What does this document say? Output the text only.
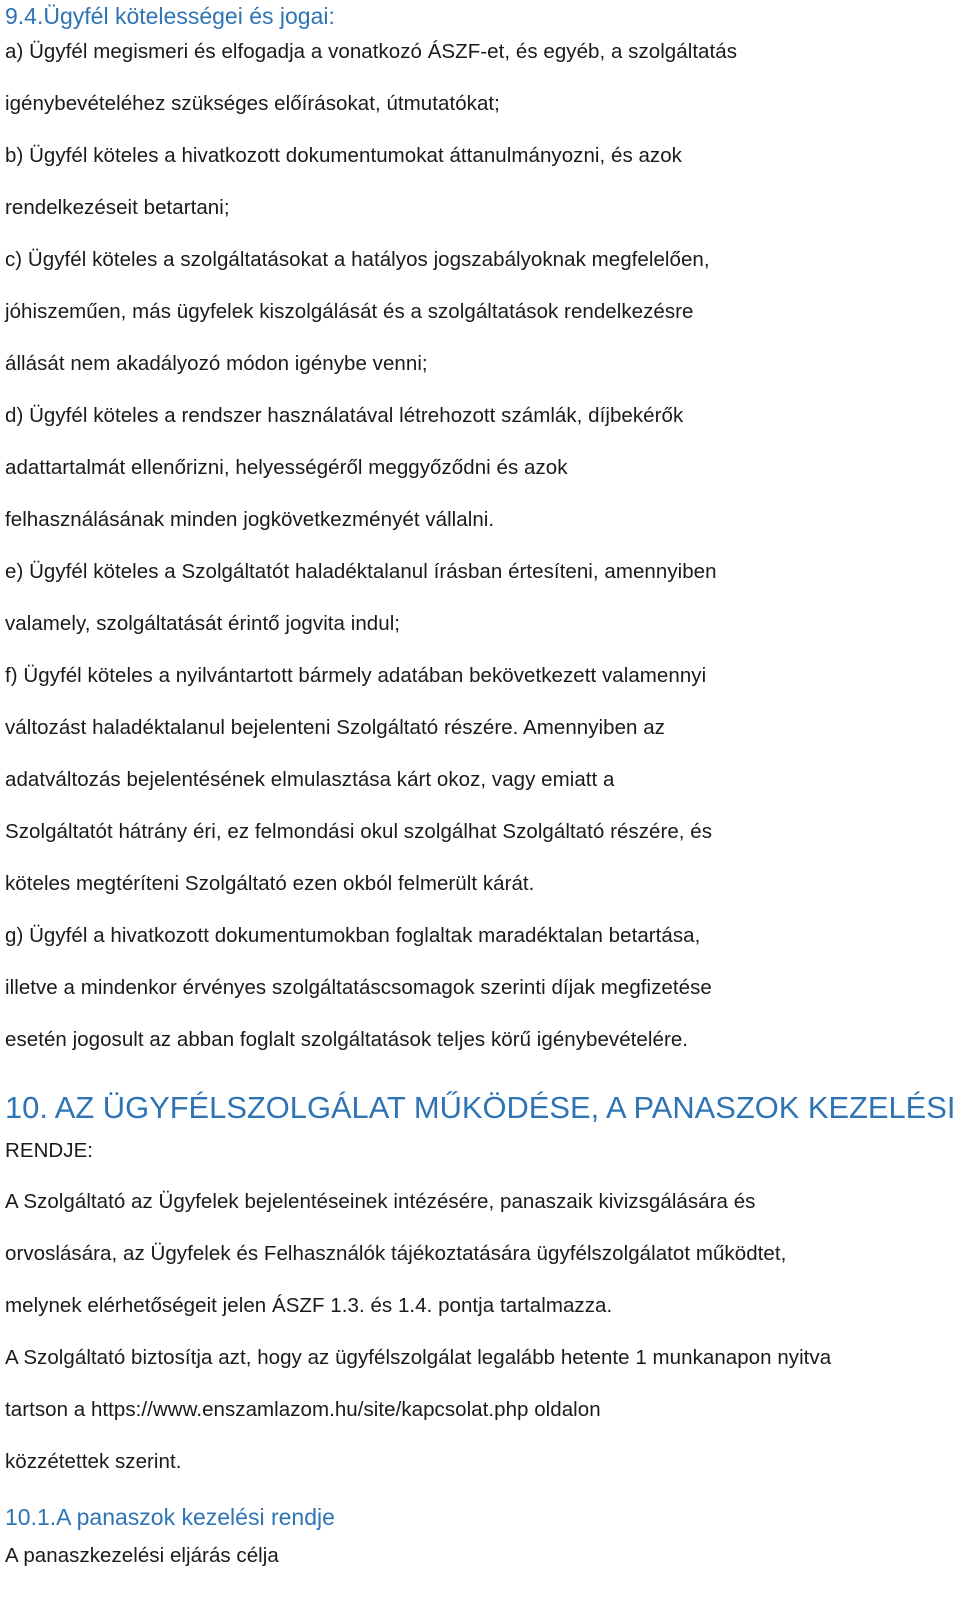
9.4.Ügyfél kötelességei és jogai:
a) Ügyfél megismeri és elfogadja a vonatkozó ÁSZF-et, és egyéb, a szolgáltatás
igénybevételéhez szükséges előírásokat, útmutatókat;
b) Ügyfél köteles a hivatkozott dokumentumokat áttanulmányozni, és azok
rendelkezéseit betartani;
c) Ügyfél köteles a szolgáltatásokat a hatályos jogszabályoknak megfelelően,
jóhiszeműen, más ügyfelek kiszolgálását és a szolgáltatások rendelkezésre
állását nem akadályozó módon igénybe venni;
d) Ügyfél köteles a rendszer használatával létrehozott számlák, díjbekérők
adattartalmát ellenőrizni, helyességéről meggyőződni és azok
felhasználásának minden jogkövetkezményét vállalni.
e) Ügyfél köteles a Szolgáltatót haladéktalanul írásban értesíteni, amennyiben
valamely, szolgáltatását érintő jogvita indul;
f) Ügyfél köteles a nyilvántartott bármely adatában bekövetkezett valamennyi
változást haladéktalanul bejelenteni Szolgáltató részére. Amennyiben az
adatváltozás bejelentésének elmulasztása kárt okoz, vagy emiatt a
Szolgáltatót hátrány éri, ez felmondási okul szolgálhat Szolgáltató részére, és
köteles megtéríteni Szolgáltató ezen okból felmerült kárát.
g) Ügyfél a hivatkozott dokumentumokban foglaltak maradéktalan betartása,
illetve a mindenkor érvényes szolgáltatáscsomagok szerinti díjak megfizetése
esetén jogosult az abban foglalt szolgáltatások teljes körű igénybevételére.
10. AZ ÜGYFÉLSZOLGÁLAT MŰKÖDÉSE, A PANASZOK KEZELÉSI
RENDJE:
A Szolgáltató az Ügyfelek bejelentéseinek intézésére, panaszaik kivizsgálására és
orvoslására, az Ügyfelek és Felhasználók tájékoztatására ügyfélszolgálatot működtet,
melynek elérhetőségeit jelen ÁSZF 1.3. és 1.4. pontja tartalmazza.
A Szolgáltató biztosítja azt, hogy az ügyfélszolgálat legalább hetente 1 munkanapon nyitva
tartson a https://www.enszamlazom.hu/site/kapcsolat.php oldalon
közzétettek szerint.
10.1.A panaszok kezelési rendje
A panaszkezelési eljárás célja
